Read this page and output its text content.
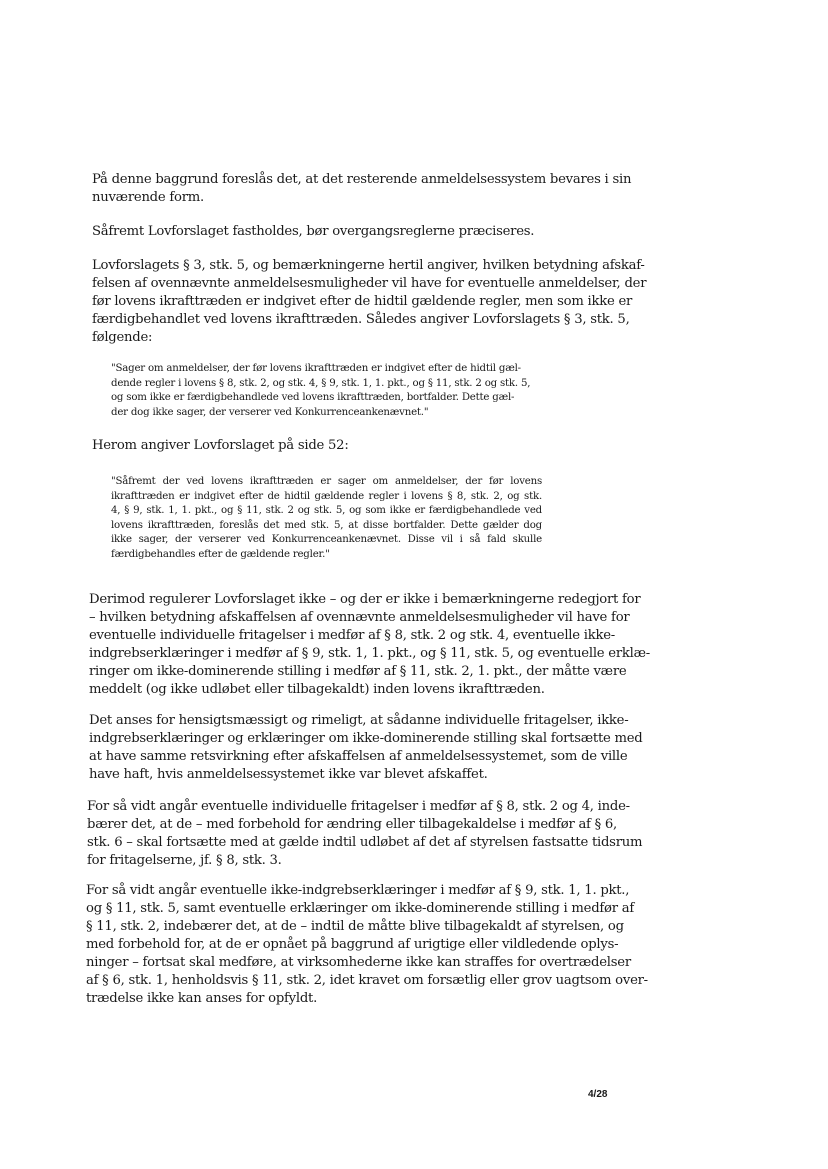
På denne baggrund foreslås det, at det resterende anmeldelsessystem bevares i sin
nuværende form.

Såfremt Lovforslaget fastholdes, bør overgangsreglerne præciseres.

Lovforslagets § 3, stk. 5, og bemærkningerne hertil angiver, hvilken betydning afskaf-
felsen af ovennævnte anmeldelsesmuligheder vil have for eventuelle anmeldelser, der
før lovens ikrafttræden er indgivet efter de hidtil gældende regler, men som ikke er
færdigbehandlet ved lovens ikrafttræden. Således angiver Lovforslagets § 3, stk. 5,
følgende:

"Sager om anmeldelser, der før lovens ikrafttræden er indgivet efter de hidtil gæl-
dende regler i lovens § 8, stk. 2, og stk. 4, § 9, stk. 1, 1. pkt., og § 11, stk. 2 og stk. 5,
og som ikke er færdigbehandlede ved lovens ikrafttræden, bortfalder. Dette gæl-
der dog ikke sager, der verserer ved Konkurrenceankenævnet."

Herom angiver Lovforslaget på side 52:

"Såfremt der ved lovens ikrafttræden er sager om anmeldelser, der før lovens
ikrafttræden er indgivet efter de hidtil gældende regler i lovens § 8, stk. 2, og stk.
4, § 9, stk. 1, 1. pkt., og § 11, stk. 2 og stk. 5, og som ikke er færdigbehandlede ved
lovens ikrafttræden, foreslås det med stk. 5, at disse bortfalder. Dette gælder dog
ikke sager, der verserer ved Konkurrenceankenævnet. Disse vil i så fald skulle
færdigbehandles efter de gældende regler."

Derimod regulerer Lovforslaget ikke – og der er ikke i bemærkningerne redegjort for
– hvilken betydning afskaffelsen af ovennævnte anmeldelsesmuligheder vil have for
eventuelle individuelle fritagelser i medfør af § 8, stk. 2 og stk. 4, eventuelle ikke-
indgrebserklæringer i medfør af § 9, stk. 1, 1. pkt., og § 11, stk. 5, og eventuelle erklæ-
ringer om ikke-dominerende stilling i medfør af § 11, stk. 2, 1. pkt., der måtte være
meddelt (og ikke udløbet eller tilbagekaldt) inden lovens ikrafttræden.

Det anses for hensigtsmæssigt og rimeligt, at sådanne individuelle fritagelser, ikke-
indgrebserklæringer og erklæringer om ikke-dominerende stilling skal fortsætte med
at have samme retsvirkning efter afskaffelsen af anmeldelsessystemet, som de ville
have haft, hvis anmeldelsessystemet ikke var blevet afskaffet.

For så vidt angår eventuelle individuelle fritagelser i medfør af § 8, stk. 2 og 4, inde-
bærer det, at de – med forbehold for ændring eller tilbagekaldelse i medfør af § 6,
stk. 6 – skal fortsætte med at gælde indtil udløbet af det af styrelsen fastsatte tidsrum
for fritagelserne, jf. § 8, stk. 3.

For så vidt angår eventuelle ikke-indgrebserklæringer i medfør af § 9, stk. 1, 1. pkt.,
og § 11, stk. 5, samt eventuelle erklæringer om ikke-dominerende stilling i medfør af
§ 11, stk. 2, indebærer det, at de – indtil de måtte blive tilbagekaldt af styrelsen, og
med forbehold for, at de er opnået på baggrund af urigtige eller vildledende oplys-
ninger – fortsat skal medføre, at virksomhederne ikke kan straffes for overtrædelser
af § 6, stk. 1, henholdsvis § 11, stk. 2, idet kravet om forsætlig eller grov uagtsom over-
trædelse ikke kan anses for opfyldt.

4/28
